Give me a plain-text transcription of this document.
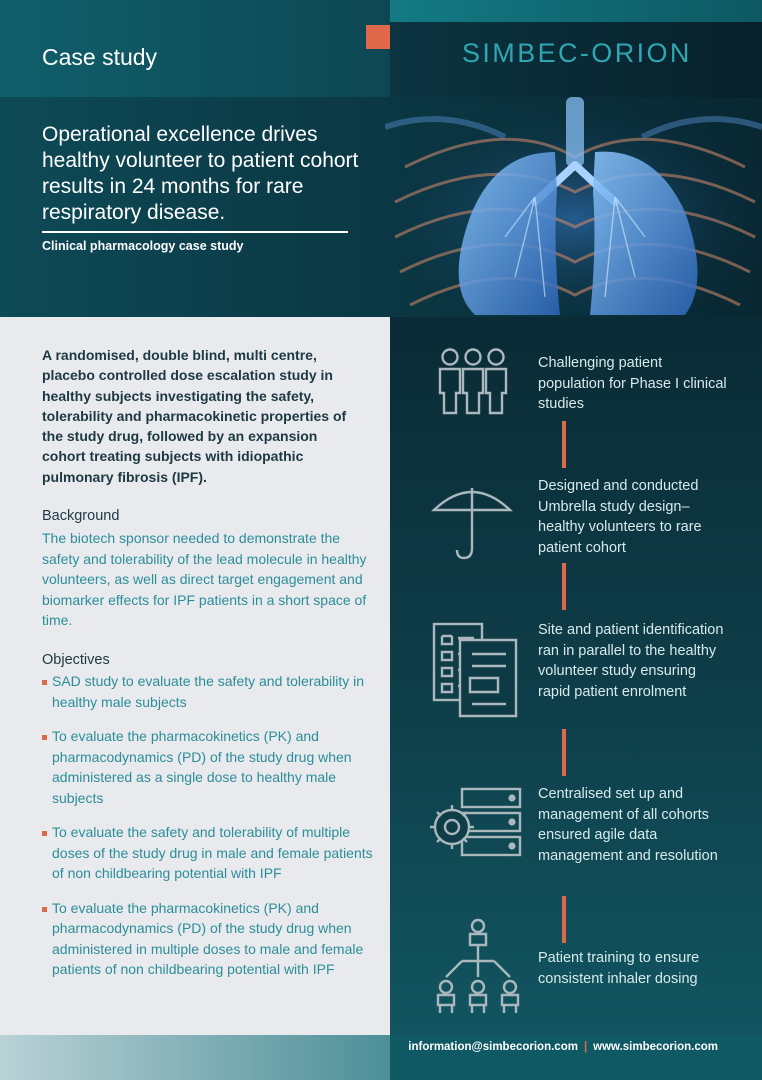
Case study	SIMBEC-ORION
Operational excellence drives healthy volunteer to patient cohort results in 24 months for rare respiratory disease.
Clinical pharmacology case study

A randomised, double blind, multi centre, placebo controlled dose escalation study in healthy subjects investigating the safety, tolerability and pharmacokinetic properties of the study drug, followed by an expansion cohort treating subjects with idiopathic pulmonary fibrosis (IPF).

Background

The biotech sponsor needed to demonstrate the safety and tolerability of the lead molecule in healthy volunteers, as well as direct target engagement and biomarker effects for IPF patients in a short space of time.

Objectives
SAD study to evaluate the safety and tolerability in healthy male subjects
To evaluate the pharmacokinetics (PK) and pharmacodynamics (PD) of the study drug when administered as a single dose to healthy male subjects
To evaluate the safety and tolerability of multiple doses of the study drug in male and female patients of non childbearing potential with IPF
To evaluate the pharmacokinetics (PK) and pharmacodynamics (PD) of the study drug when administered in multiple doses to male and female patients of non childbearing potential with IPF

Challenging patient population for Phase I clinical studies

Designed and conducted Umbrella study design– healthy volunteers to rare patient cohort

Site and patient identification ran in parallel to the healthy volunteer study ensuring rapid patient enrolment

Centralised set up and management of all cohorts ensured agile data management and resolution

Patient training to ensure consistent inhaler dosing

information@simbecorion.com | www.simbecorion.com
